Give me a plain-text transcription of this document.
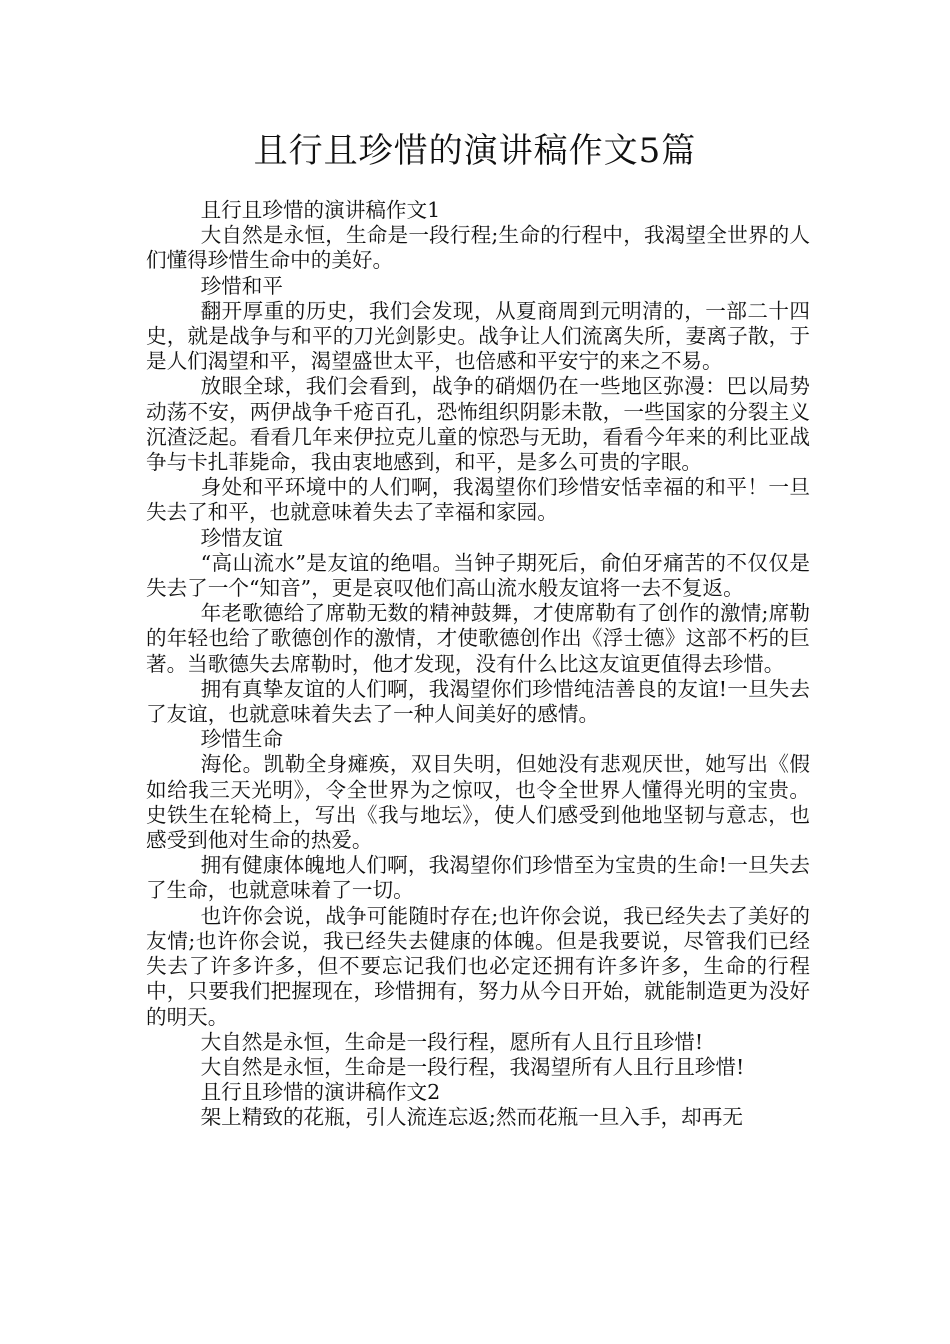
且行且珍惜的演讲稿作文5篇

且行且珍惜的演讲稿作文1

大自然是永恒，生命是一段行程;生命的行程中，我渴望全世界的人们懂得珍惜生命中的美好。

珍惜和平

翻开厚重的历史，我们会发现，从夏商周到元明清的，一部二十四史，就是战争与和平的刀光剑影史。战争让人们流离失所，妻离子散，于是人们渴望和平，渴望盛世太平，也倍感和平安宁的来之不易。

放眼全球，我们会看到，战争的硝烟仍在一些地区弥漫：巴以局势动荡不安，两伊战争千疮百孔，恐怖组织阴影未散，一些国家的分裂主义沉渣泛起。看看几年来伊拉克儿童的惊恐与无助，看看今年来的利比亚战争与卡扎菲毙命，我由衷地感到，和平，是多么可贵的字眼。

身处和平环境中的人们啊，我渴望你们珍惜安恬幸福的和平！一旦失去了和平，也就意味着失去了幸福和家园。

珍惜友谊

“高山流水”是友谊的绝唱。当钟子期死后，俞伯牙痛苦的不仅仅是失去了一个“知音”，更是哀叹他们高山流水般友谊将一去不复返。

年老歌德给了席勒无数的精神鼓舞，才使席勒有了创作的激情;席勒的年轻也给了歌德创作的激情，才使歌德创作出《浮士德》这部不朽的巨著。当歌德失去席勒时，他才发现，没有什么比这友谊更值得去珍惜。

拥有真挚友谊的人们啊，我渴望你们珍惜纯洁善良的友谊!一旦失去了友谊，也就意味着失去了一种人间美好的感情。

珍惜生命

海伦。凯勒全身瘫痪，双目失明，但她没有悲观厌世，她写出《假如给我三天光明》，令全世界为之惊叹，也令全世界人懂得光明的宝贵。史铁生在轮椅上，写出《我与地坛》，使人们感受到他地坚韧与意志，也感受到他对生命的热爱。

拥有健康体魄地人们啊，我渴望你们珍惜至为宝贵的生命!一旦失去了生命，也就意味着了一切。

也许你会说，战争可能随时存在;也许你会说，我已经失去了美好的友情;也许你会说，我已经失去健康的体魄。但是我要说，尽管我们已经失去了许多许多，但不要忘记我们也必定还拥有许多许多，生命的行程中，只要我们把握现在，珍惜拥有，努力从今日开始，就能制造更为没好的明天。

大自然是永恒，生命是一段行程，愿所有人且行且珍惜!

大自然是永恒，生命是一段行程，我渴望所有人且行且珍惜!

且行且珍惜的演讲稿作文2

架上精致的花瓶，引人流连忘返;然而花瓶一旦入手，却再无
